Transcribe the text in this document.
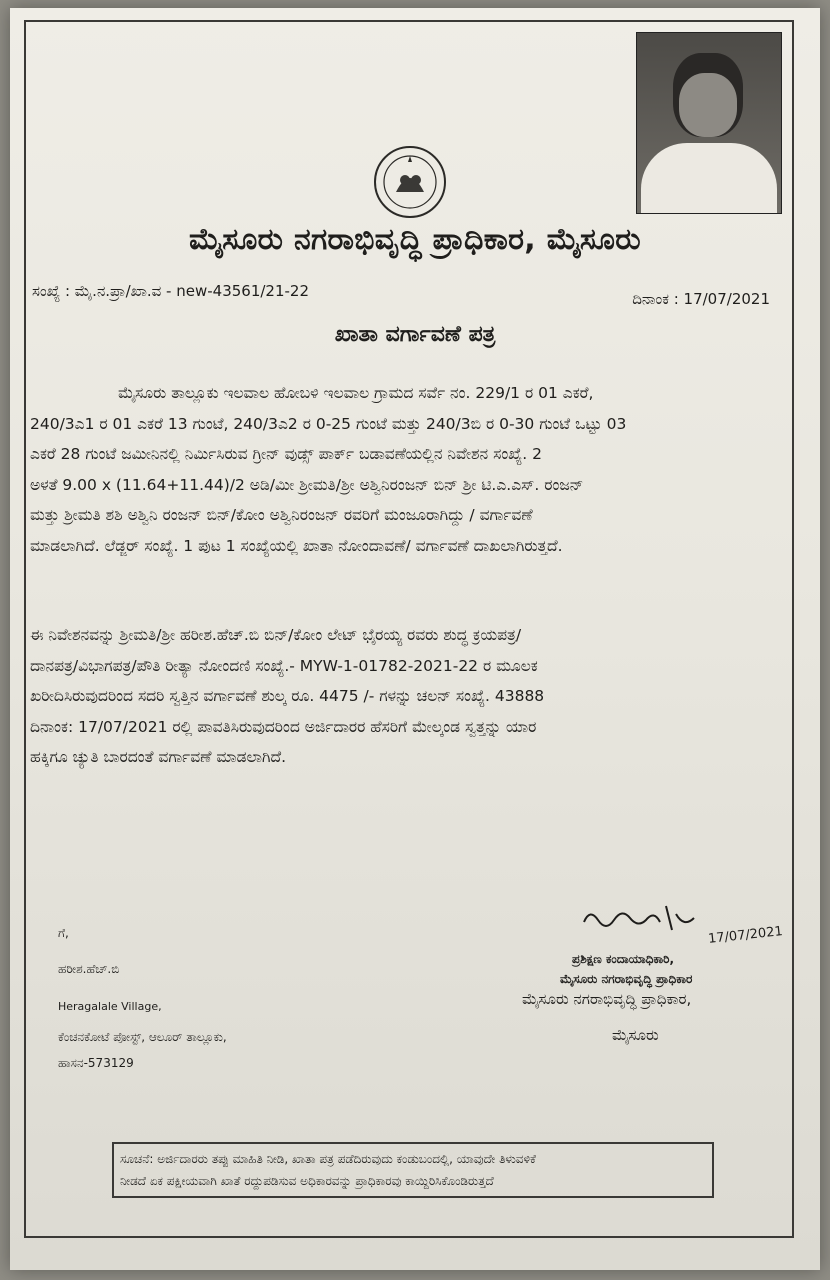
ಮೈಸೂರು ನಗರಾಭಿವೃದ್ಧಿ ಪ್ರಾಧಿಕಾರ, ಮೈಸೂರು
ಸಂಖ್ಯೆ : ಮೈ.ನ.ಪ್ರಾ/ಖಾ.ವ - new-43561/21-22	ದಿನಾಂಕ : 17/07/2021
ಖಾತಾ ವರ್ಗಾವಣೆ ಪತ್ರ
ಮೈಸೂರು ತಾಲ್ಲೂಕು ಇಲವಾಲ ಹೋಬಳಿ ಇಲವಾಲ ಗ್ರಾಮದ ಸರ್ವೆ ನಂ. 229/1 ರ 01 ಎಕರೆ,
240/3ಎ1 ರ 01 ಎಕರೆ 13 ಗುಂಟೆ, 240/3ಎ2 ರ 0-25 ಗುಂಟೆ ಮತ್ತು 240/3ಬಿ ರ 0-30 ಗುಂಟೆ ಒಟ್ಟು 03
ಎಕರೆ 28 ಗುಂಟೆ ಜಮೀನಿನಲ್ಲಿ ನಿರ್ಮಿಸಿರುವ ಗ್ರೀನ್ ವುಡ್ಸ್ ಪಾರ್ಕ್ ಬಡಾವಣೆಯಲ್ಲಿನ ನಿವೇಶನ ಸಂಖ್ಯೆ. 2
ಅಳತೆ 9.00 x (11.64+11.44)/2 ಅಡಿ/ಮೀ ಶ್ರೀಮತಿ/ಶ್ರೀ ಅಶ್ವಿನಿರಂಜನ್ ಬಿನ್ ಶ್ರೀ ಟಿ.ಎ.ಎಸ್. ರಂಜನ್
ಮತ್ತು ಶ್ರೀಮತಿ ಶಶಿ ಅಶ್ವಿನಿ ರಂಜನ್ ಬಿನ್/ಕೋಂ ಅಶ್ವಿನಿರಂಜನ್ ರವರಿಗೆ ಮಂಜೂರಾಗಿದ್ದು / ವರ್ಗಾವಣೆ
ಮಾಡಲಾಗಿದೆ. ಲೆಡ್ಜರ್ ಸಂಖ್ಯೆ. 1 ಪುಟ 1 ಸಂಖ್ಯೆಯಲ್ಲಿ ಖಾತಾ ನೋಂದಾವಣೆ/ ವರ್ಗಾವಣೆ ದಾಖಲಾಗಿರುತ್ತದೆ.
ಈ ನಿವೇಶನವನ್ನು ಶ್ರೀಮತಿ/ಶ್ರೀ ಹರೀಶ.ಹೆಚ್.ಬಿ ಬಿನ್/ಕೋಂ ಲೇಟ್ ಭೈರಯ್ಯ ರವರು ಶುದ್ಧ ಕ್ರಯಪತ್ರ/
ದಾನಪತ್ರ/ವಿಭಾಗಪತ್ರ/ಪೌತಿ ರೀತ್ಯಾ ನೋಂದಣಿ ಸಂಖ್ಯೆ.- MYW-1-01782-2021-22 ರ ಮೂಲಕ
ಖರೀದಿಸಿರುವುದರಿಂದ ಸದರಿ ಸ್ವತ್ತಿನ ವರ್ಗಾವಣೆ ಶುಲ್ಕ ರೂ. 4475 /- ಗಳನ್ನು ಚಲನ್ ಸಂಖ್ಯೆ. 43888
ದಿನಾಂಕ: 17/07/2021 ರಲ್ಲಿ ಪಾವತಿಸಿರುವುದರಿಂದ ಅರ್ಜಿದಾರರ ಹೆಸರಿಗೆ ಮೇಲ್ಕಂಡ ಸ್ವತ್ತನ್ನು ಯಾರ
ಹಕ್ಕಿಗೂ ಚ್ಯುತಿ ಬಾರದಂತೆ ವರ್ಗಾವಣೆ ಮಾಡಲಾಗಿದೆ.
ಗೆ,
ಹರೀಶ.ಹೆಚ್.ಬಿ
Heragalale Village,
ಕೆಂಚನಕೋಟೆ ಪೋಸ್ಟ್, ಆಲೂರ್ ತಾಲ್ಲೂಕು,
ಹಾಸನ-573129
17/07/2021
ಪ್ರಶಿಕ್ಷಣ ಕಂದಾಯಾಧಿಕಾರಿ,
ಮೈಸೂರು ನಗರಾಭಿವೃದ್ಧಿ ಪ್ರಾಧಿಕಾರ
ಮೈಸೂರು ನಗರಾಭಿವೃದ್ಧಿ ಪ್ರಾಧಿಕಾರ,
ಮೈಸೂರು
ಸೂಚನೆ: ಅರ್ಜಿದಾರರು ತಪ್ಪು ಮಾಹಿತಿ ನೀಡಿ, ಖಾತಾ ಪತ್ರ ಪಡೆದಿರುವುದು ಕಂಡುಬಂದಲ್ಲಿ, ಯಾವುದೇ ತಿಳುವಳಿಕೆ
ನೀಡದೆ ಏಕ ಪಕ್ಷೀಯವಾಗಿ ಖಾತೆ ರದ್ದುಪಡಿಸುವ ಅಧಿಕಾರವನ್ನು ಪ್ರಾಧಿಕಾರವು ಕಾಯ್ದಿರಿಸಿಕೊಂಡಿರುತ್ತದೆ
